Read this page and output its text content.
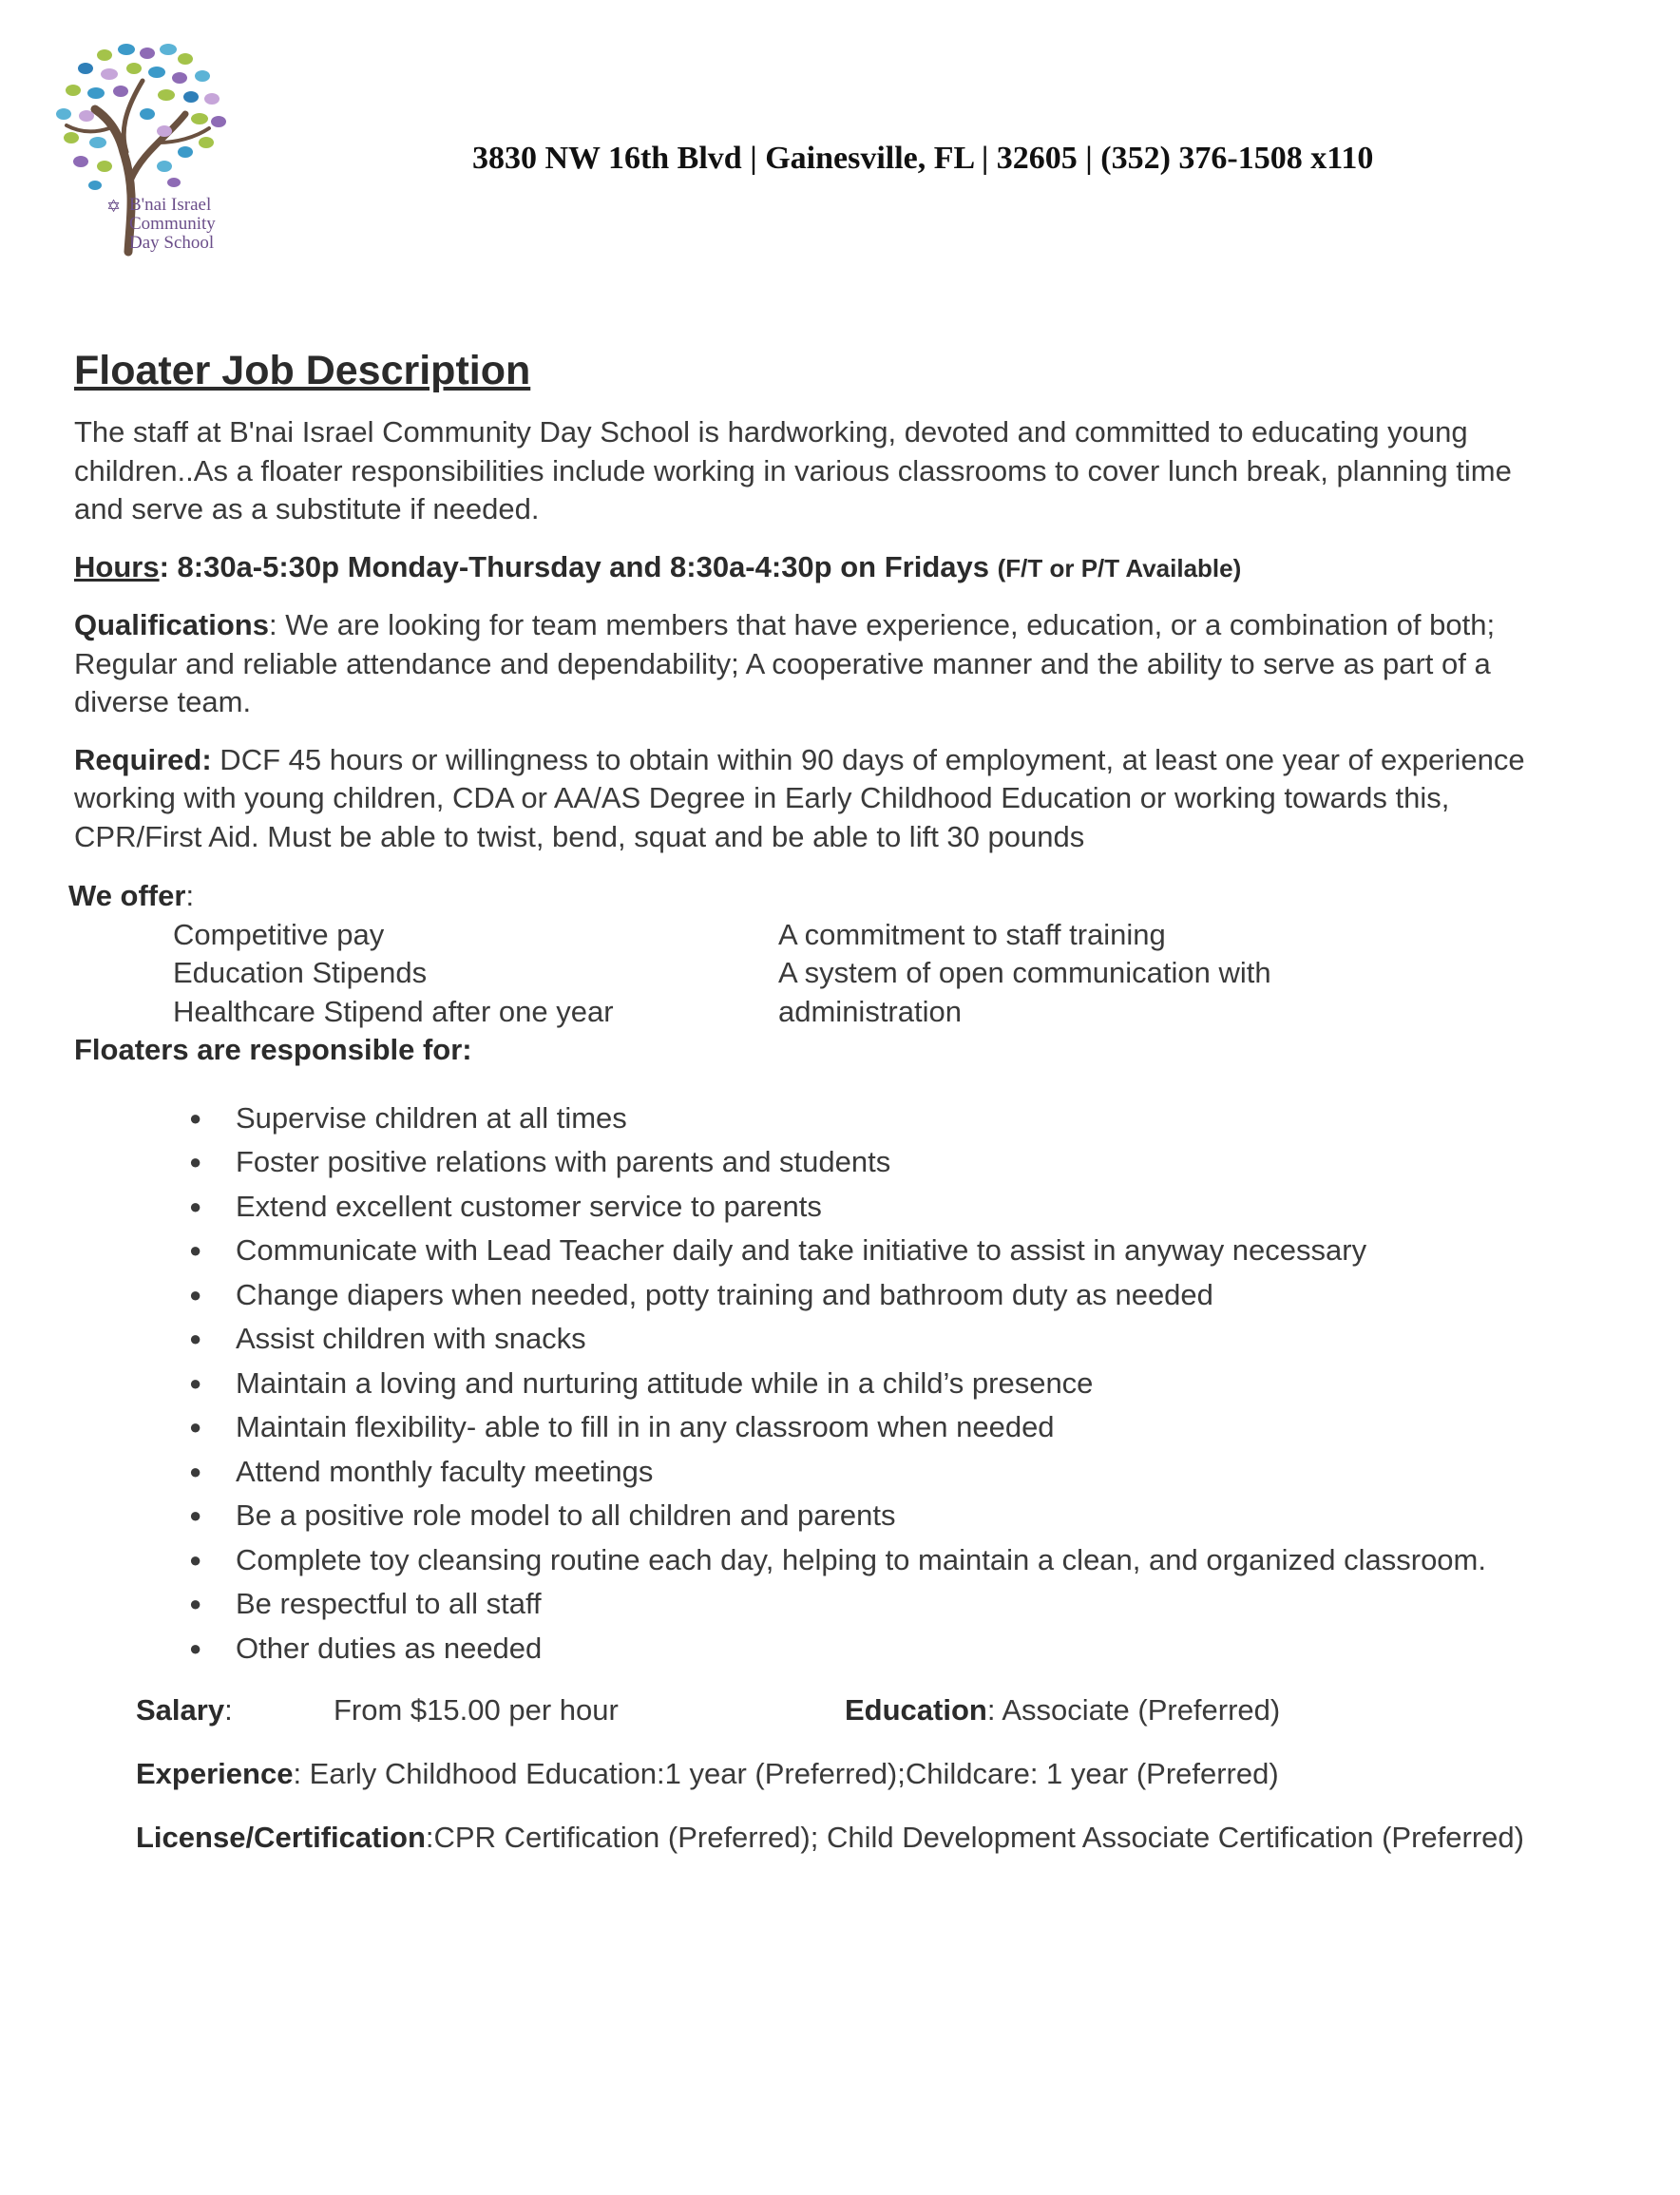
✡ B'nai Israel
Community
Day School
3830 NW 16th Blvd | Gainesville, FL | 32605 | (352) 376-1508 x110
Floater Job Description

The staff at B'nai Israel Community Day School is hardworking, devoted and committed to educating young children..As a floater responsibilities include working in various classrooms to cover lunch break, planning time and serve as a substitute if needed.

Hours: 8:30a-5:30p Monday-Thursday and 8:30a-4:30p on Fridays (F/T or P/T Available)

Qualifications: We are looking for team members that have experience, education, or a combination of both; Regular and reliable attendance and dependability; A cooperative manner and the ability to serve as part of a diverse team.

Required: DCF 45 hours or willingness to obtain within 90 days of employment, at least one year of experience working with young children, CDA or AA/AS Degree in Early Childhood Education or working towards this, CPR/First Aid. Must be able to twist, bend, squat and be able to lift 30 pounds

We offer:
Competitive pay
Education Stipends
Healthcare Stipend after one year
A commitment to staff training
A system of open communication with administration
Floaters are responsible for:
● Supervise children at all times
● Foster positive relations with parents and students
● Extend excellent customer service to parents
● Communicate with Lead Teacher daily and take initiative to assist in anyway necessary
● Change diapers when needed, potty training and bathroom duty as needed
● Assist children with snacks
● Maintain a loving and nurturing attitude while in a child’s presence
● Maintain flexibility- able to fill in in any classroom when needed
● Attend monthly faculty meetings
● Be a positive role model to all children and parents
● Complete toy cleansing routine each day, helping to maintain a clean, and organized classroom.
● Be respectful to all staff
● Other duties as needed
Salary:	From $15.00 per hour	Education: Associate (Preferred)
Experience: Early Childhood Education:1 year (Preferred);Childcare: 1 year (Preferred)
License/Certification:CPR Certification (Preferred); Child Development Associate Certification (Preferred)
